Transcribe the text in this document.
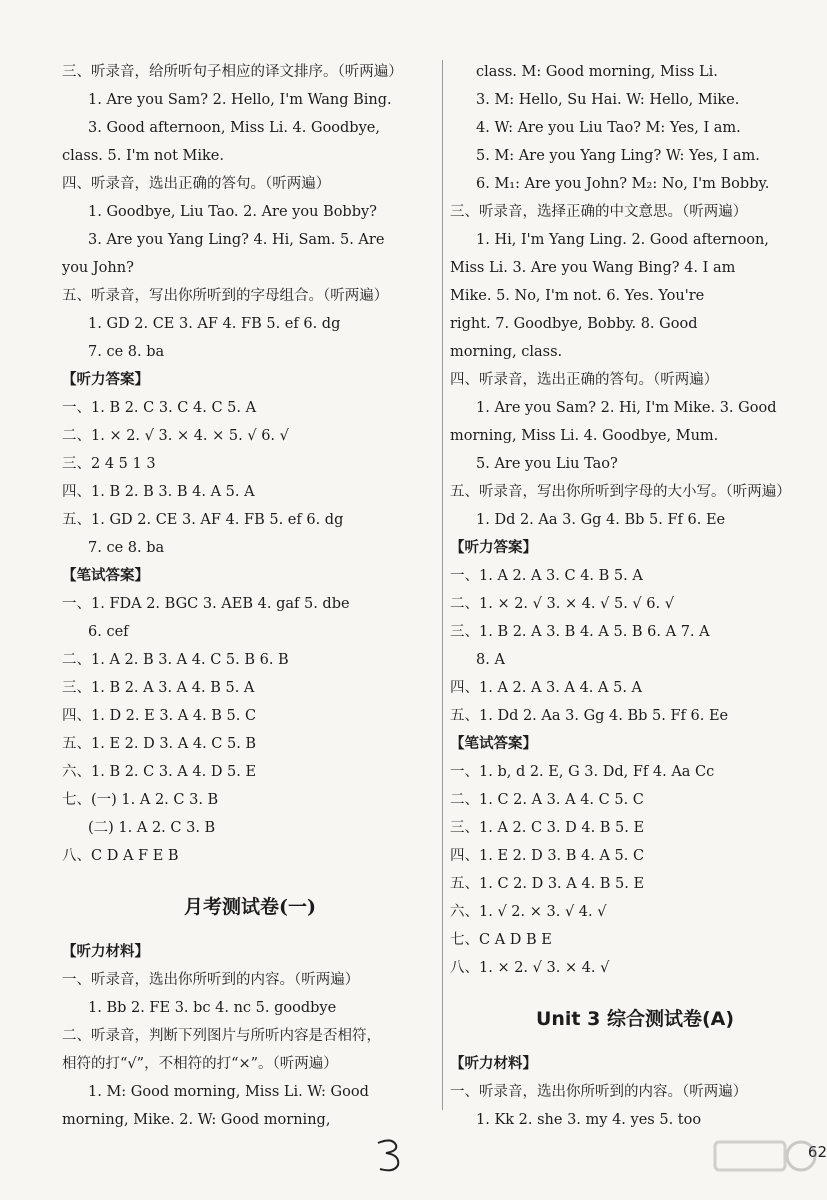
三、听录音，给所听句子相应的译文排序。（听两遍）
1. Are you Sam? 2. Hello, I'm Wang Bing.
3. Good afternoon, Miss Li. 4. Goodbye,
class. 5. I'm not Mike.
四、听录音，选出正确的答句。（听两遍）
1. Goodbye, Liu Tao. 2. Are you Bobby?
3. Are you Yang Ling? 4. Hi, Sam. 5. Are
you John?
五、听录音，写出你所听到的字母组合。（听两遍）
1. GD 2. CE 3. AF 4. FB 5. ef 6. dg
7. ce 8. ba
【听力答案】
一、1. B 2. C 3. C 4. C 5. A
二、1. × 2. √ 3. × 4. × 5. √ 6. √
三、2 4 5 1 3
四、1. B 2. B 3. B 4. A 5. A
五、1. GD 2. CE 3. AF 4. FB 5. ef 6. dg
7. ce 8. ba
【笔试答案】
一、1. FDA 2. BGC 3. AEB 4. gaf 5. dbe
6. cef
二、1. A 2. B 3. A 4. C 5. B 6. B
三、1. B 2. A 3. A 4. B 5. A
四、1. D 2. E 3. A 4. B 5. C
五、1. E 2. D 3. A 4. C 5. B
六、1. B 2. C 3. A 4. D 5. E
七、(一) 1. A 2. C 3. B
(二) 1. A 2. C 3. B
八、C D A F E B
月考测试卷(一)
【听力材料】
一、听录音，选出你所听到的内容。（听两遍）
1. Bb 2. FE 3. bc 4. nc 5. goodbye
二、听录音，判断下列图片与所听内容是否相符，
相符的打“√”，不相符的打“×”。（听两遍）
1. M: Good morning, Miss Li. W: Good
morning, Mike. 2. W: Good morning,
class. M: Good morning, Miss Li.
3. M: Hello, Su Hai. W: Hello, Mike.
4. W: Are you Liu Tao? M: Yes, I am.
5. M: Are you Yang Ling? W: Yes, I am.
6. M₁: Are you John? M₂: No, I'm Bobby.
三、听录音，选择正确的中文意思。（听两遍）
1. Hi, I'm Yang Ling. 2. Good afternoon,
Miss Li. 3. Are you Wang Bing? 4. I am
Mike. 5. No, I'm not. 6. Yes. You're
right. 7. Goodbye, Bobby. 8. Good
morning, class.
四、听录音，选出正确的答句。（听两遍）
1. Are you Sam? 2. Hi, I'm Mike. 3. Good
morning, Miss Li. 4. Goodbye, Mum.
5. Are you Liu Tao?
五、听录音，写出你所听到字母的大小写。（听两遍）
1. Dd 2. Aa 3. Gg 4. Bb 5. Ff 6. Ee
【听力答案】
一、1. A 2. A 3. C 4. B 5. A
二、1. × 2. √ 3. × 4. √ 5. √ 6. √
三、1. B 2. A 3. B 4. A 5. B 6. A 7. A
8. A
四、1. A 2. A 3. A 4. A 5. A
五、1. Dd 2. Aa 3. Gg 4. Bb 5. Ff 6. Ee
【笔试答案】
一、1. b, d 2. E, G 3. Dd, Ff 4. Aa Cc
二、1. C 2. A 3. A 4. C 5. C
三、1. A 2. C 3. D 4. B 5. E
四、1. E 2. D 3. B 4. A 5. C
五、1. C 2. D 3. A 4. B 5. E
六、1. √ 2. × 3. √ 4. √
七、C A D B E
八、1. × 2. √ 3. × 4. √
Unit 3 综合测试卷(A)
【听力材料】
一、听录音，选出你所听到的内容。（听两遍）
1. Kk 2. she 3. my 4. yes 5. too
62
